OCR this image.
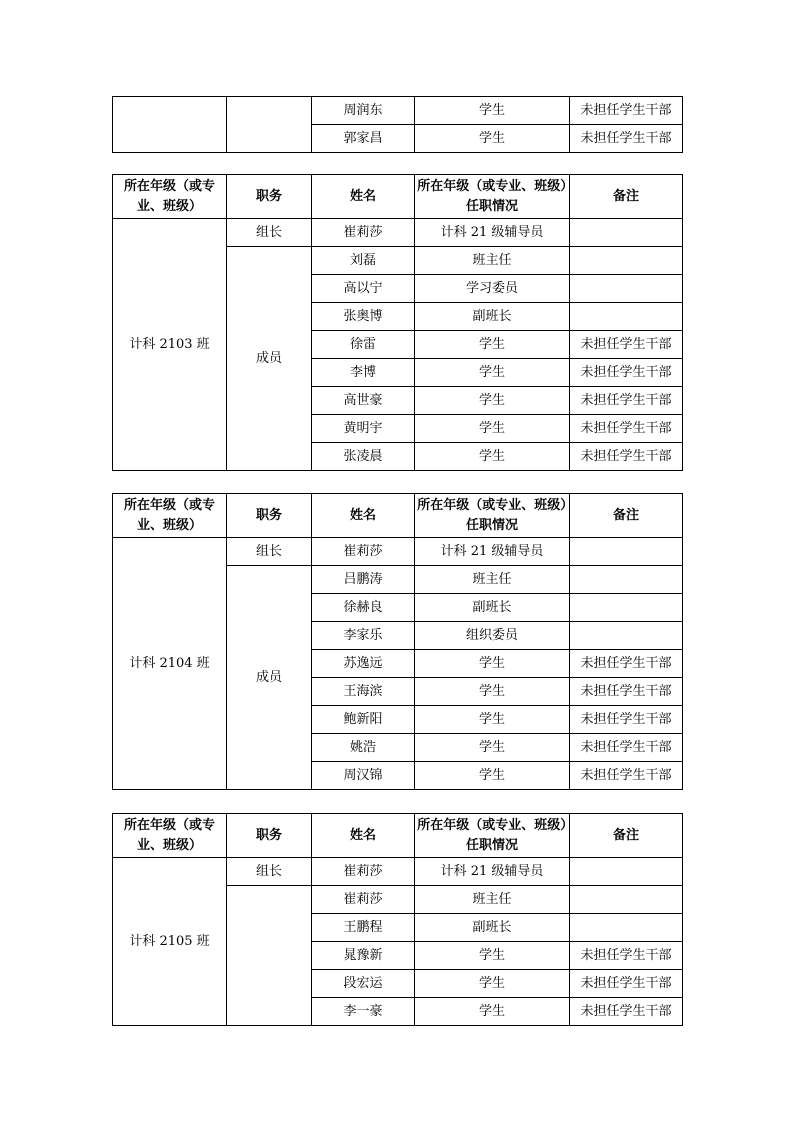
		周润东	学生	未担任学生干部
		郭家昌	学生	未担任学生干部
所在年级（或专业、班级）	职务	姓名	所在年级（或专业、班级）任职情况	备注
计科 2103 班	组长	崔莉莎	计科 21 级辅导员	
	成员	刘磊	班主任	
		高以宁	学习委员	
		张奥博	副班长	
		徐雷	学生	未担任学生干部
		李博	学生	未担任学生干部
		高世豪	学生	未担任学生干部
		黄明宇	学生	未担任学生干部
		张凌晨	学生	未担任学生干部
所在年级（或专业、班级）	职务	姓名	所在年级（或专业、班级）任职情况	备注
计科 2104 班	组长	崔莉莎	计科 21 级辅导员	
	成员	吕鹏涛	班主任	
		徐赫良	副班长	
		李家乐	组织委员	
		苏逸远	学生	未担任学生干部
		王海滨	学生	未担任学生干部
		鲍新阳	学生	未担任学生干部
		姚浩	学生	未担任学生干部
		周汉锦	学生	未担任学生干部
所在年级（或专业、班级）	职务	姓名	所在年级（或专业、班级）任职情况	备注
计科 2105 班	组长	崔莉莎	计科 21 级辅导员	
		崔莉莎	班主任	
		王鹏程	副班长	
		晁豫新	学生	未担任学生干部
		段宏运	学生	未担任学生干部
		李一豪	学生	未担任学生干部
